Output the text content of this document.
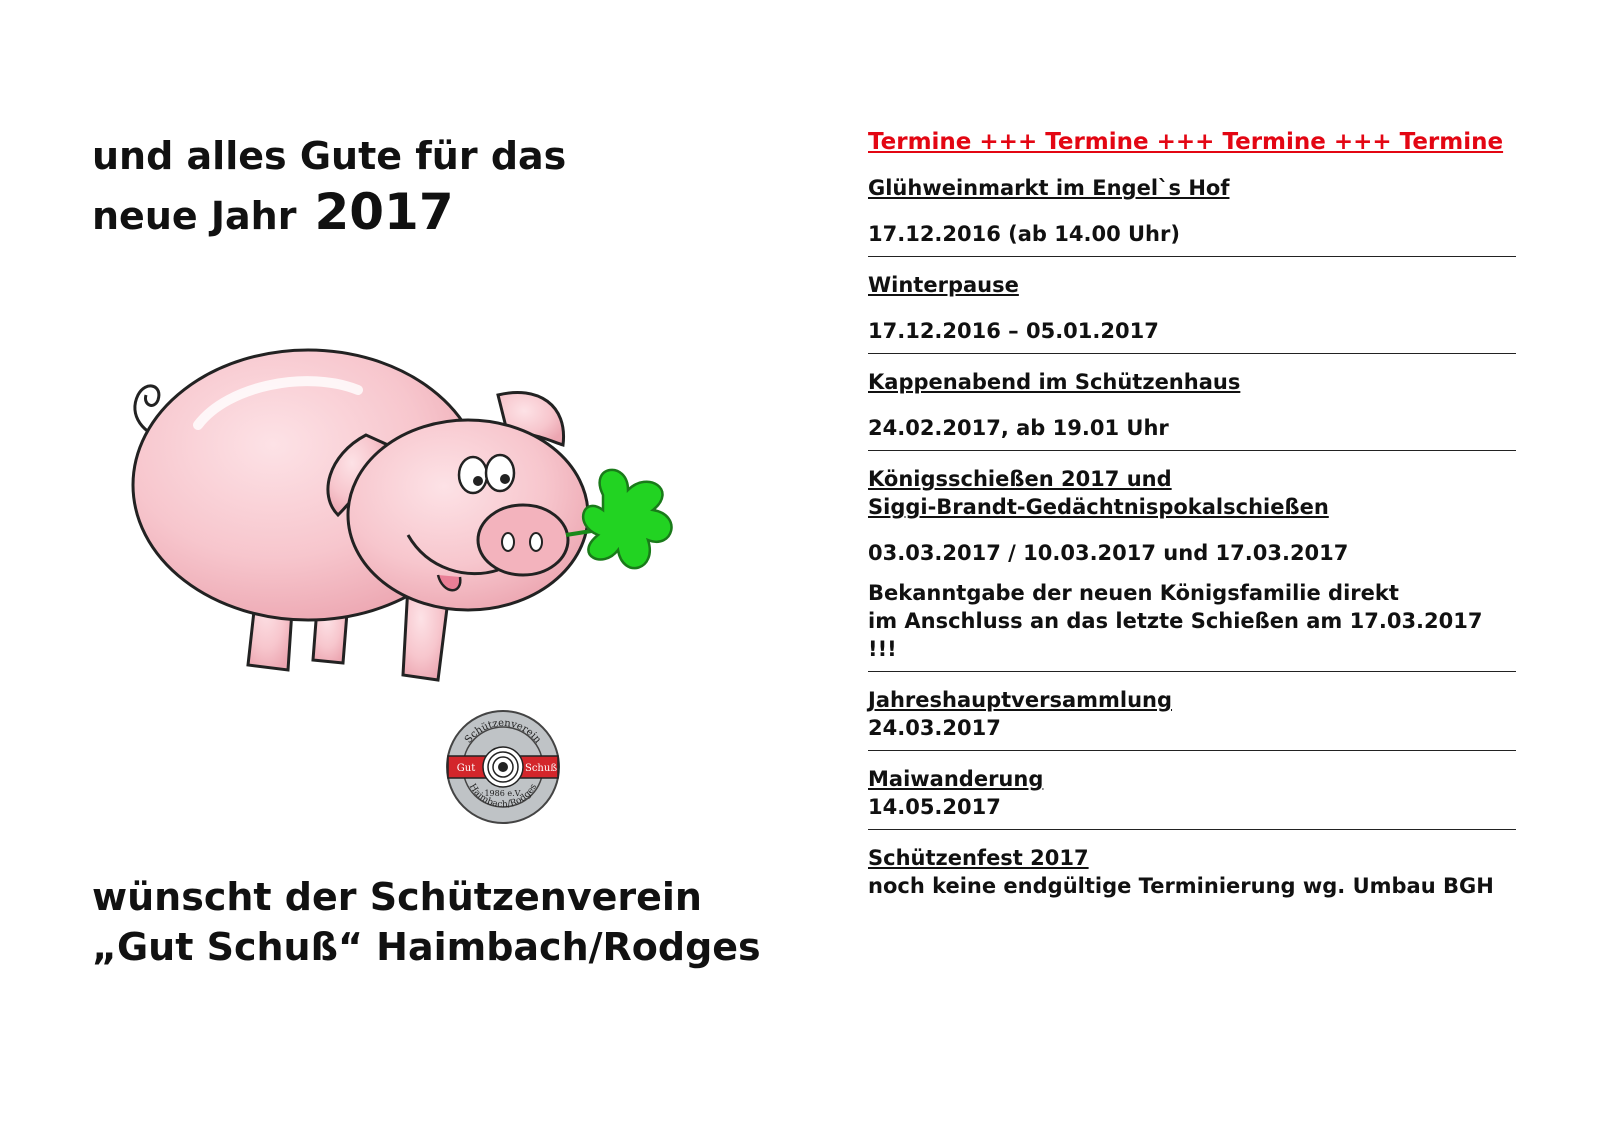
und alles Gute für das
neue Jahr 2017
Schützenverein
Gut	Schuß
1986 e.V.
Haimbach/Rodges
wünscht der Schützenverein
„Gut Schuß“ Haimbach/Rodges

Termine +++ Termine +++ Termine +++ Termine

Glühweinmarkt im Engel`s Hof

17.12.2016 (ab 14.00 Uhr)

Winterpause

17.12.2016 – 05.01.2017

Kappenabend im Schützenhaus

24.02.2017, ab 19.01 Uhr

Königsschießen 2017 und
Siggi-Brandt-Gedächtnispokalschießen

03.03.2017 / 10.03.2017 und 17.03.2017

Bekanntgabe der neuen Königsfamilie direkt
im Anschluss an das letzte Schießen am 17.03.2017 !!!

Jahreshauptversammlung

24.03.2017

Maiwanderung

14.05.2017

Schützenfest 2017

noch keine endgültige Terminierung wg. Umbau BGH
